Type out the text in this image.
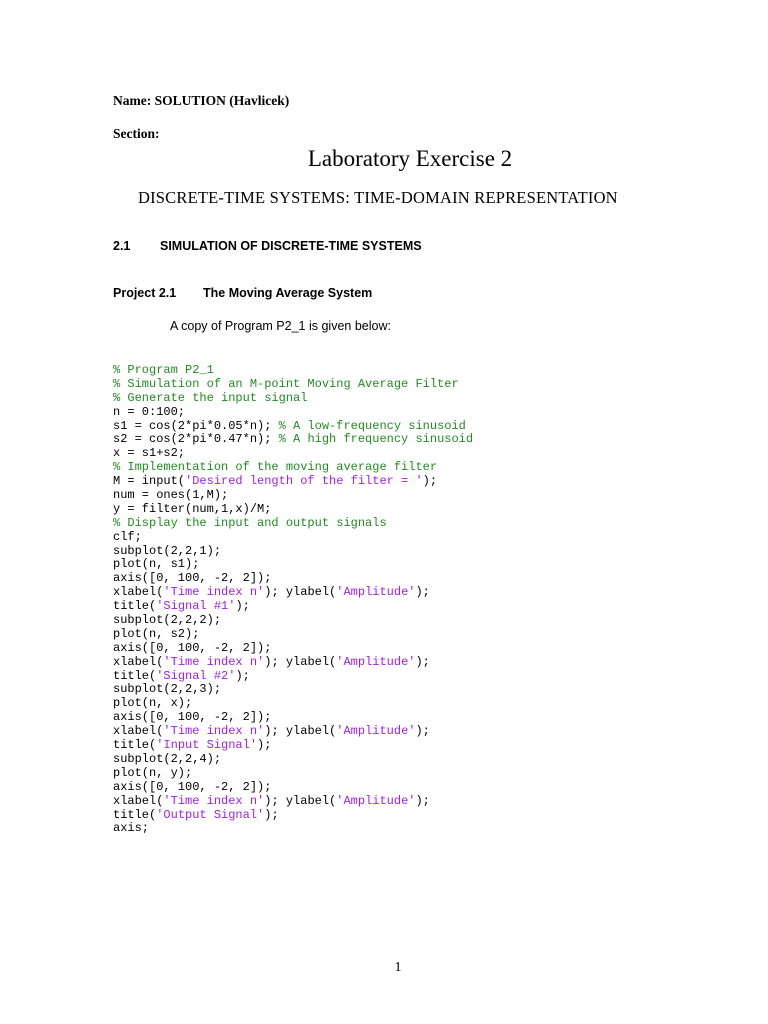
Name: SOLUTION (Havlicek)
Section:
Laboratory Exercise 2
DISCRETE-TIME SYSTEMS: TIME-DOMAIN REPRESENTATION
2.1 SIMULATION OF DISCRETE-TIME SYSTEMS
Project 2.1 The Moving Average System
A copy of Program P2_1 is given below:
% Program P2_1
% Simulation of an M-point Moving Average Filter
% Generate the input signal
n = 0:100;
s1 = cos(2*pi*0.05*n); % A low-frequency sinusoid
s2 = cos(2*pi*0.47*n); % A high frequency sinusoid
x = s1+s2;
% Implementation of the moving average filter
M = input('Desired length of the filter = ');
num = ones(1,M);
y = filter(num,1,x)/M;
% Display the input and output signals
clf;
subplot(2,2,1);
plot(n, s1);
axis([0, 100, -2, 2]);
xlabel('Time index n'); ylabel('Amplitude');
title('Signal #1');
subplot(2,2,2);
plot(n, s2);
axis([0, 100, -2, 2]);
xlabel('Time index n'); ylabel('Amplitude');
title('Signal #2');
subplot(2,2,3);
plot(n, x);
axis([0, 100, -2, 2]);
xlabel('Time index n'); ylabel('Amplitude');
title('Input Signal');
subplot(2,2,4);
plot(n, y);
axis([0, 100, -2, 2]);
xlabel('Time index n'); ylabel('Amplitude');
title('Output Signal');
axis;
1
